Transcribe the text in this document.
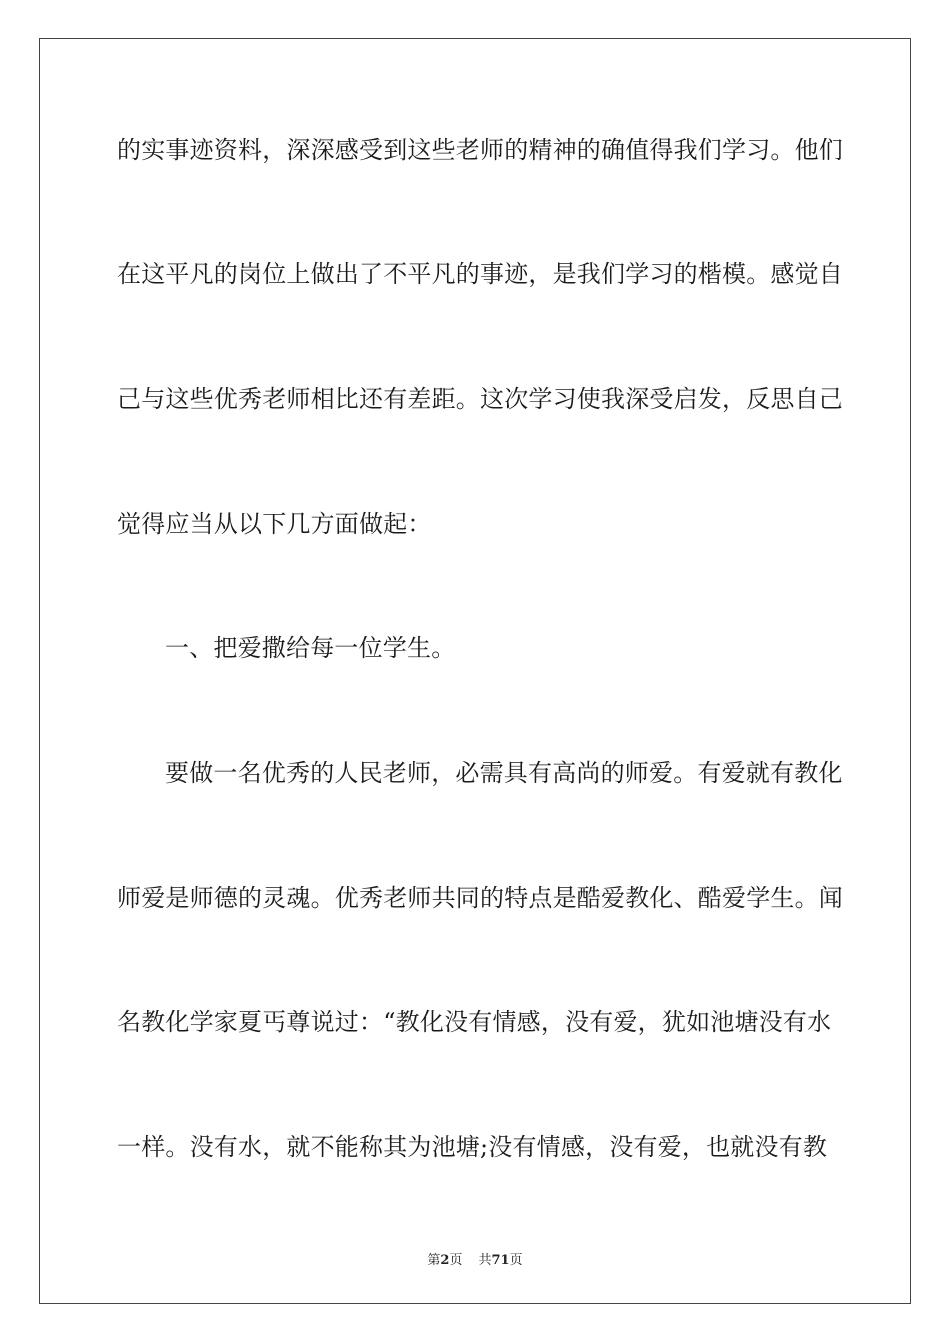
的实事迹资料，深深感受到这些老师的精神的确值得我们学习。他们
在这平凡的岗位上做出了不平凡的事迹，是我们学习的楷模。感觉自
己与这些优秀老师相比还有差距。这次学习使我深受启发，反思自己
觉得应当从以下几方面做起：
一、把爱撒给每一位学生。
要做一名优秀的人民老师，必需具有高尚的师爱。有爱就有教化
师爱是师德的灵魂。优秀老师共同的特点是酷爱教化、酷爱学生。闻
名教化学家夏丐尊说过：“教化没有情感，没有爱，犹如池塘没有水
一样。没有水，就不能称其为池塘;没有情感，没有爱，也就没有教
第2页 共71页
